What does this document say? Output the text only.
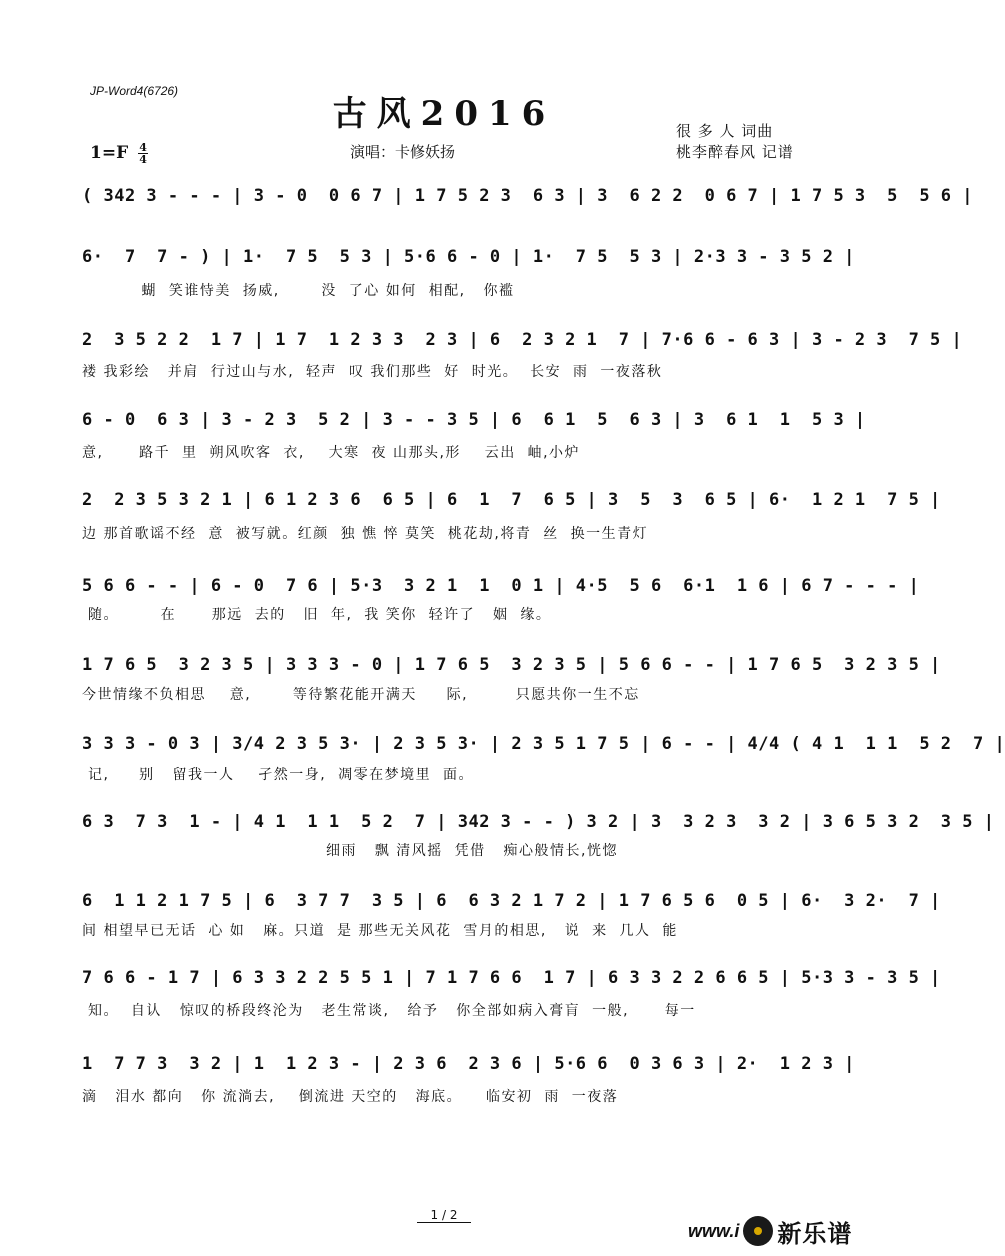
JP-Word4(6726)
古风2016
$1=F \frac{4}{4}$	演唱：卡修妖扬
很 多 人 词曲
桃李醉春风 记谱
( 342 3 - - - | 3 - 0  0 6 7 | 1 7 5 2 3  6 3 | 3  6 2 2  0 6 7 | 1 7 5 3  5  5 6 |
6·  7  7 - ) | 1·  7 5  5 3 | 5·6 6 - 0 | 1·  7 5  5 3 | 2·3 3 - 3 5 2 |
蝴  笑谁恃美  扬威,       没  了心 如何  相配,   你褴
2  3 5 2 2  1 7 | 1 7  1 2 3 3  2 3 | 6  2 3 2 1  7 | 7·6 6 - 6 3 | 3 - 2 3  7 5 |
褛 我彩绘   并肩  行过山与水,  轻声  叹 我们那些  好  时光。  长安  雨  一夜落秋
6 - 0  6 3 | 3 - 2 3  5 2 | 3 - - 3 5 | 6  6 1  5  6 3 | 3  6 1  1  5 3 |
意,      路千  里  朔风吹客  衣,    大寒  夜 山那头,形    云出  岫,小炉
2  2 3 5 3 2 1 | 6 1 2 3 6  6 5 | 6  1  7  6 5 | 3  5  3  6 5 | 6·  1 2 1  7 5 |
边 那首歌谣不经  意  被写就。红颜  独 憔 悴 莫笑  桃花劫,将青  丝  换一生青灯
5 6 6 - - | 6 - 0  7 6 | 5·3  3 2 1  1  0 1 | 4·5  5 6  6·1  1 6 | 6 7 - - - |
随。       在      那远  去的   旧  年,  我 笑你  轻许了   姻  缘。
1 7 6 5  3 2 3 5 | 3 3 3 - 0 | 1 7 6 5  3 2 3 5 | 5 6 6 - - | 1 7 6 5  3 2 3 5 |
今世情缘不负相思    意,       等待繁花能开满天     际,        只愿共你一生不忘
3 3 3 - 0 3 | 3/4 2 3 5 3· | 2 3 5 3· | 2 3 5 1 7 5 | 6 - - | 4/4 ( 4 1  1 1  5 2  7 |
记,     别   留我一人    孑然一身,  凋零在梦境里  面。
6 3  7 3  1 - | 4 1  1 1  5 2  7 | 342 3 - - ) 3 2 | 3  3 2 3  3 2 | 3 6 5 3 2  3 5 |
细雨   飘 清风摇  凭借   痴心般情长,恍惚
6  1 1 2 1 7 5 | 6  3 7 7  3 5 | 6  6 3 2 1 7 2 | 1 7 6 5 6  0 5 | 6·  3 2·  7 |
间 相望早已无话  心 如   麻。只道  是 那些无关风花  雪月的相思,   说  来  几人  能
7 6 6 - 1 7 | 6 3 3 2 2 5 5 1 | 7 1 7 6 6  1 7 | 6 3 3 2 2 6 6 5 | 5·3 3 - 3 5 |
知。  自认   惊叹的桥段终沦为   老生常谈,   给予   你全部如病入膏肓  一般,      每一
1  7 7 3  3 2 | 1  1 2 3 - | 2 3 6  2 3 6 | 5·6 6  0 3 6 3 | 2·  1 2 3 |
滴   泪水 都向   你 流淌去,    倒流进 天空的   海底。    临安初  雨  一夜落
1 / 2
www.i 新乐谱
